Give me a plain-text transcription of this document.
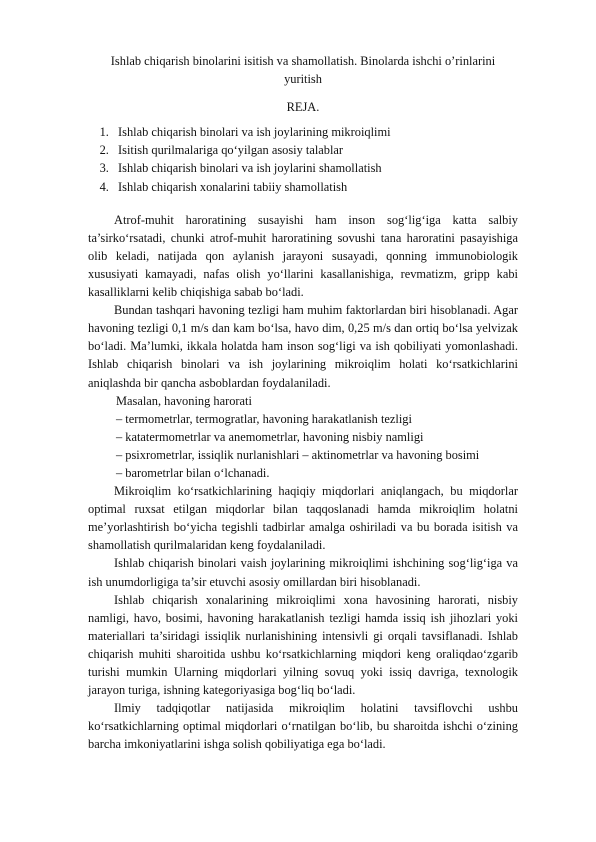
Ishlab chiqarish binolarini isitish va shamollatish. Binolarda ishchi o’rinlarini
yuritish

REJA.
1. Ishlab chiqarish binolari va ish joylarining mikroiqlimi
2. Isitish qurilmalariga qo‘yilgan asosiy talablar
3. Ishlab chiqarish binolari va ish joylarini shamollatish
4. Ishlab chiqarish xonalarini tabiiy shamollatish

Atrof-muhit haroratining susayishi ham inson sog‘lig‘iga katta salbiy ta’sirko‘rsatadi, chunki atrof-muhit haroratining sovushi tana haroratini pasayishiga olib keladi, natijada qon aylanish jarayoni susayadi, qonning immunobiologik xususiyati kamayadi, nafas olish yo‘llarini kasallanishiga, revmatizm, gripp kabi kasalliklarni kelib chiqishiga sabab bo‘ladi.

Bundan tashqari havoning tezligi ham muhim faktorlardan biri hisoblanadi. Agar havoning tezligi 0,1 m/s dan kam bo‘lsa, havo dim, 0,25 m/s dan ortiq bo‘lsa yelvizak bo‘ladi. Ma’lumki, ikkala holatda ham inson sog‘ligi va ish qobiliyati yomonlashadi. Ishlab chiqarish binolari va ish joylarining mikroiqlim holati ko‘rsatkichlarini aniqlashda bir qancha asboblardan foydalaniladi.

Masalan, havoning harorati

– termometrlar, termogratlar, havoning harakatlanish tezligi

– katatermometrlar va anemometrlar, havoning nisbiy namligi

– psixrometrlar, issiqlik nurlanishlari – aktinometrlar va havoning bosimi

– barometrlar bilan o‘lchanadi.

Mikroiqlim ko‘rsatkichlarining haqiqiy miqdorlari aniqlangach, bu miqdorlar optimal ruxsat etilgan miqdorlar bilan taqqoslanadi hamda mikroiqlim holatni me’yorlashtirish bo‘yicha tegishli tadbirlar amalga oshiriladi va bu borada isitish va shamollatish qurilmalaridan keng foydalaniladi.

Ishlab chiqarish binolari vaish joylarining mikroiqlimi ishchining sog‘lig‘iga va ish unumdorligiga ta’sir etuvchi asosiy omillardan biri hisoblanadi.

Ishlab chiqarish xonalarining mikroiqlimi xona havosining harorati, nisbiy namligi, havo, bosimi, havoning harakatlanish tezligi hamda issiq ish jihozlari yoki materiallari ta’siridagi issiqlik nurlanishining intensivli gi orqali tavsiflanadi. Ishlab chiqarish muhiti sharoitida ushbu ko‘rsatkichlarning miqdori keng oraliqdao‘zgarib turishi mumkin Ularning miqdorlari yilning sovuq yoki issiq davriga, texnologik jarayon turiga, ishning kategoriyasiga bog‘liq bo‘ladi.

Ilmiy tadqiqotlar natijasida mikroiqlim holatini tavsiflovchi ushbu ko‘rsatkichlarning optimal miqdorlari o‘rnatilgan bo‘lib, bu sharoitda ishchi o‘zining barcha imkoniyatlarini ishga solish qobiliyatiga ega bo‘ladi.
